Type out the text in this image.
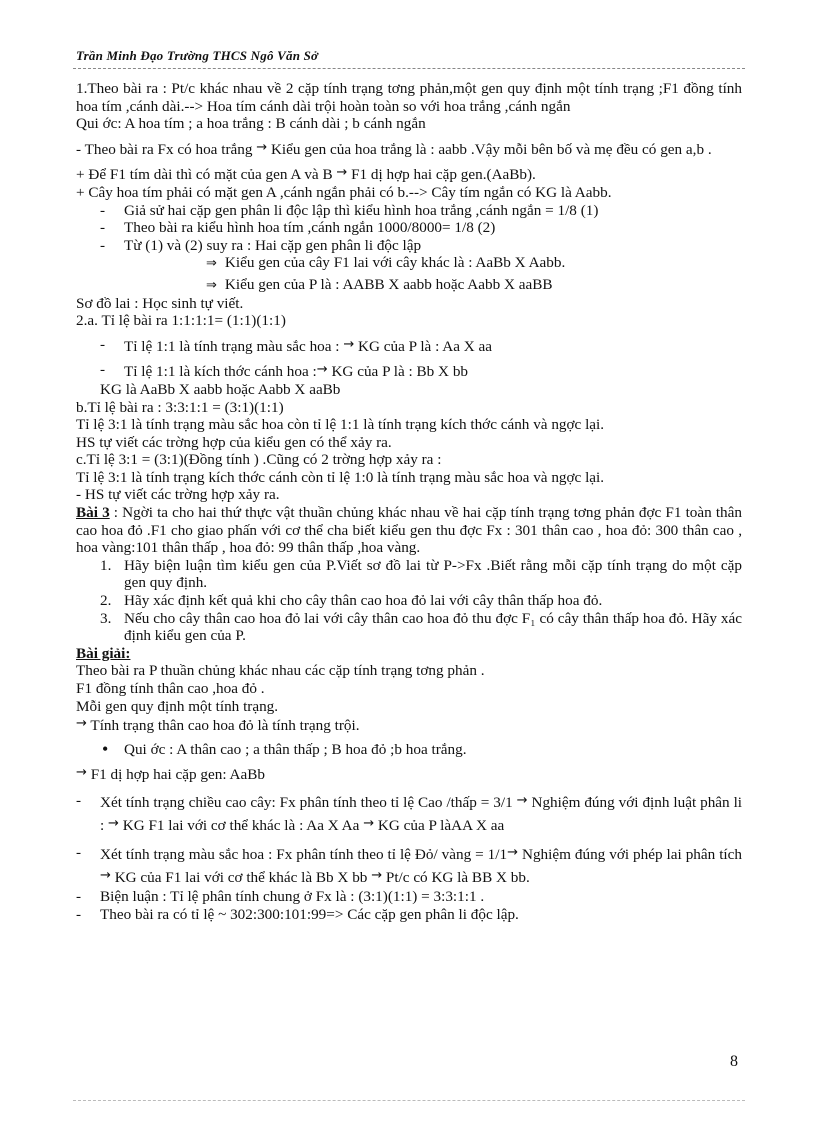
Trần Minh Đạo Trường THCS Ngô Văn Sở

1.Theo bài ra : Pt/c khác nhau về 2 cặp tính trạng tơng phản,một gen quy định một tính trạng ;F1 đồng tính hoa tím ,cánh dài.--> Hoa tím cánh dài trội hoàn toàn so với hoa trắng ,cánh ngắn

Qui ớc: A hoa tím ; a hoa trắng : B cánh dài ; b cánh ngắn

- Theo bài ra Fx có hoa trắng → Kiểu gen của hoa trắng là : aabb .Vậy mỗi bên bố và mẹ đều có gen a,b .

+ Để F1 tím dài thì có mặt của gen A và B → F1 dị hợp hai cặp gen.(AaBb).

+ Cây hoa tím phải có mặt gen A ,cánh ngắn phải có b.--> Cây tím ngắn có KG là Aabb.

- Giả sử hai cặp gen phân li độc lập thì kiểu hình hoa trắng ,cánh ngắn = 1/8 (1)

- Theo bài ra kiểu hình hoa tím ,cánh ngắn 1000/8000= 1/8 (2)

- Từ (1) và (2) suy ra : Hai cặp gen phân li độc lập

⇒ Kiểu gen của cây F1 lai với cây khác là : AaBb X Aabb.

⇒ Kiểu gen của P là : AABB X aabb hoặc Aabb X aaBB

Sơ đồ lai : Học sinh tự viết.

2.a. Tỉ lệ bài ra 1:1:1:1= (1:1)(1:1)

- Tỉ lệ 1:1 là tính trạng màu sắc hoa : → KG của P là : Aa X aa

- Tỉ lệ 1:1 là kích thớc cánh hoa :→ KG của P là : Bb X bb

KG là AaBb X aabb hoặc Aabb X aaBb

b.Tỉ lệ bài ra : 3:3:1:1 = (3:1)(1:1)

Tỉ lệ 3:1 là tính trạng màu sắc hoa còn tỉ lệ 1:1 là tính trạng kích thớc cánh và ngợc lại.

HS tự viết các trờng hợp của kiểu gen có thể xảy ra.

c.Tỉ lệ 3:1 = (3:1)(Đồng tính ) .Cũng có 2 trờng hợp xảy ra :

Tỉ lệ 3:1 là tính trạng kích thớc cánh còn tỉ lệ 1:0 là tính trạng màu sắc hoa và ngợc lại.

- HS tự viết các trờng hợp xảy ra.

Bài 3 : Ngời ta cho hai thứ thực vật thuần chủng khác nhau về hai cặp tính trạng tơng phản đợc F1 toàn thân cao hoa đỏ .F1 cho giao phấn với cơ thể cha biết kiểu gen thu đợc Fx : 301 thân cao , hoa đỏ: 300 thân cao , hoa vàng:101 thân thấp , hoa đỏ: 99 thân thấp ,hoa vàng.

1. Hãy biện luận tìm kiểu gen của P.Viết sơ đồ lai từ P->Fx .Biết rằng mỗi cặp tính trạng do một cặp gen quy định.

2. Hãy xác định kết quả khi cho cây thân cao hoa đỏ lai với cây thân thấp hoa đỏ.

3. Nếu cho cây thân cao hoa đỏ lai với cây thân cao hoa đỏ thu đợc F₁ có cây thân thấp hoa đỏ. Hãy xác định kiểu gen của P.

Bài giải:

Theo bài ra P thuần chủng khác nhau các cặp tính trạng tơng phản .

F1 đồng tính thân cao ,hoa đỏ .

Mỗi gen quy định một tính trạng.

→ Tính trạng thân cao hoa đỏ là tính trạng trội.

• Qui ớc : A thân cao ; a thân thấp ; B hoa đỏ ;b hoa trắng.

→ F1 dị hợp hai cặp gen: AaBb

- Xét tính trạng chiều cao cây: Fx phân tính theo tỉ lệ Cao /thấp = 3/1 → Nghiệm đúng với định luật phân li : → KG F1 lai với cơ thể khác là : Aa X Aa → KG của P làAA X aa

- Xét tính trạng màu sắc hoa : Fx phân tính theo tỉ lệ Đỏ/ vàng = 1/1→ Nghiệm đúng với phép lai phân tích → KG của F1 lai với cơ thể khác là Bb X bb → Pt/c có KG là BB X bb.

- Biện luận : Tỉ lệ phân tính chung ở Fx là : (3:1)(1:1) = 3:3:1:1 .

- Theo bài ra có tỉ lệ ~ 302:300:101:99=> Các cặp gen phân li độc lập.

8
